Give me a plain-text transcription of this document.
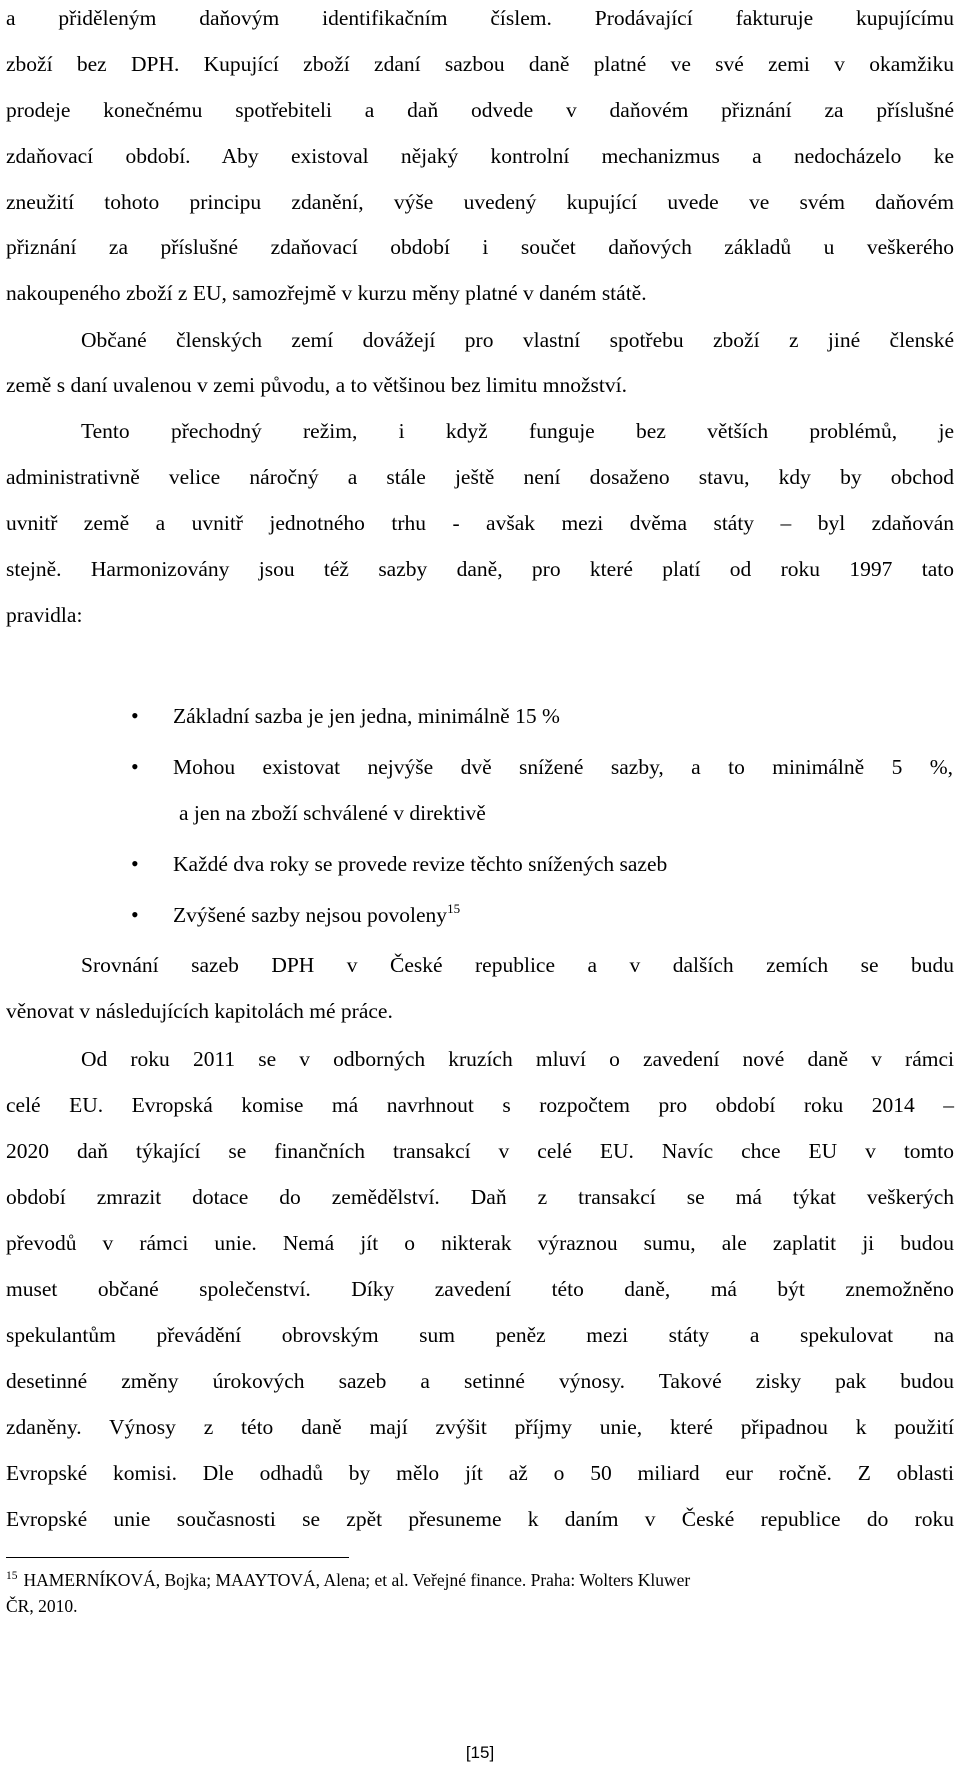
a přiděleným daňovým identifikačním číslem. Prodávající fakturuje kupujícímu
zboží bez DPH. Kupující zboží zdaní sazbou daně platné ve své zemi v okamžiku
prodeje konečnému spotřebiteli a daň odvede v daňovém přiznání za příslušné
zdaňovací období. Aby existoval nějaký kontrolní mechanizmus a nedocházelo ke
zneužití tohoto principu zdanění, výše uvedený kupující uvede ve svém daňovém
přiznání za příslušné zdaňovací období i součet daňových základů u veškerého
nakoupeného zboží z EU, samozřejmě v kurzu měny platné v daném státě.
Občané členských zemí dovážejí pro vlastní spotřebu zboží z jiné členské
země s daní uvalenou v zemi původu, a to většinou bez limitu množství.
Tento přechodný režim, i když funguje bez větších problémů, je
administrativně velice náročný a stále ještě není dosaženo stavu, kdy by obchod
uvnitř země a uvnitř jednotného trhu - avšak mezi dvěma státy – byl zdaňován
stejně. Harmonizovány jsou též sazby daně, pro které platí od roku 1997 tato
pravidla:
• Základní sazba je jen jedna, minimálně 15 %
• Mohou existovat nejvýše dvě snížené sazby, a to minimálně 5 %,
a jen na zboží schválené v direktivě
• Každé dva roky se provede revize těchto snížených sazeb
• Zvýšené sazby nejsou povoleny$^{15}$
Srovnání sazeb DPH v České republice a v dalších zemích se budu
věnovat v následujících kapitolách mé práce.
Od roku 2011 se v odborných kruzích mluví o zavedení nové daně v rámci
celé EU. Evropská komise má navrhnout s rozpočtem pro období roku 2014 –
2020 daň týkající se finančních transakcí v celé EU. Navíc chce EU v tomto
období zmrazit dotace do zemědělství. Daň z transakcí se má týkat veškerých
převodů v rámci unie. Nemá jít o nikterak výraznou sumu, ale zaplatit ji budou
muset občané společenství. Díky zavedení této daně, má být znemožněno
spekulantům převádění obrovským sum peněz mezi státy a spekulovat na
desetinné změny úrokových sazeb a setinné výnosy. Takové zisky pak budou
zdaněny. Výnosy z této daně mají zvýšit příjmy unie, které připadnou k použití
Evropské komisi. Dle odhadů by mělo jít až o 50 miliard eur ročně. Z oblasti
Evropské unie současnosti se zpět přesuneme k daním v České republice do roku
$^{15}$ HAMERNÍKOVÁ, Bojka; MAAYTOVÁ, Alena; et al. Veřejné finance. Praha: Wolters Kluwer
ČR, 2010.
[15]
